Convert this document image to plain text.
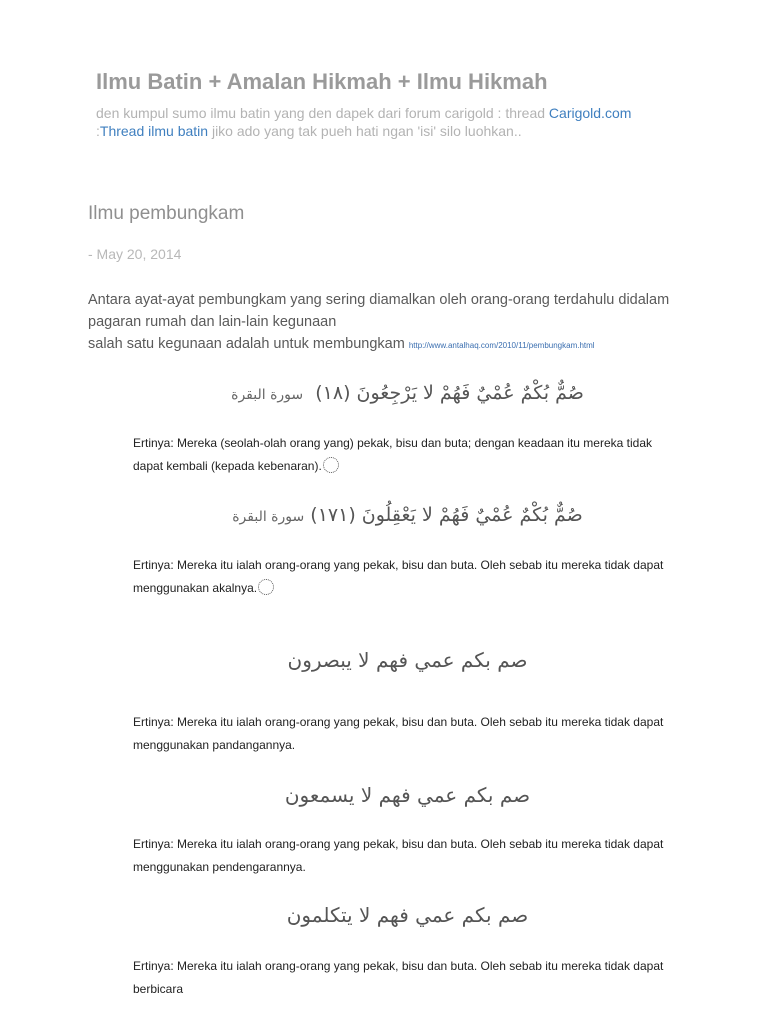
Ilmu Batin + Amalan Hikmah + Ilmu Hikmah
den kumpul sumo ilmu batin yang den dapek dari forum carigold : thread Carigold.com
:Thread ilmu batin jiko ado yang tak pueh hati ngan 'isi' silo luohkan..
Ilmu pembungkam
- May 20, 2014
Antara ayat-ayat pembungkam yang sering diamalkan oleh orang-orang terdahulu didalam
pagaran rumah dan lain-lain kegunaan
salah satu kegunaan adalah untuk membungkam http://www.antalhaq.com/2010/11/pembungkam.html
صُمٌّ بُكْمٌ عُمْيٌ فَهُمْ لا يَرْجِعُونَ (١٨)  سورة البقرة
Ertinya: Mereka (seolah-olah orang yang) pekak, bisu dan buta; dengan keadaan itu mereka tidak dapat kembali (kepada kebenaran).
صُمٌّ بُكْمٌ عُمْيٌ فَهُمْ لا يَعْقِلُونَ (١٧١) سورة البقرة
Ertinya: Mereka itu ialah orang-orang yang pekak, bisu dan buta. Oleh sebab itu mereka tidak dapat menggunakan akalnya.
صم بكم عمي فهم لا يبصرون
Ertinya: Mereka itu ialah orang-orang yang pekak, bisu dan buta. Oleh sebab itu mereka tidak dapat menggunakan pandangannya.
صم بكم عمي فهم لا يسمعون
Ertinya: Mereka itu ialah orang-orang yang pekak, bisu dan buta. Oleh sebab itu mereka tidak dapat menggunakan pendengarannya.
صم بكم عمي فهم لا يتكلمون
Ertinya: Mereka itu ialah orang-orang yang pekak, bisu dan buta. Oleh sebab itu mereka tidak dapat berbicara
